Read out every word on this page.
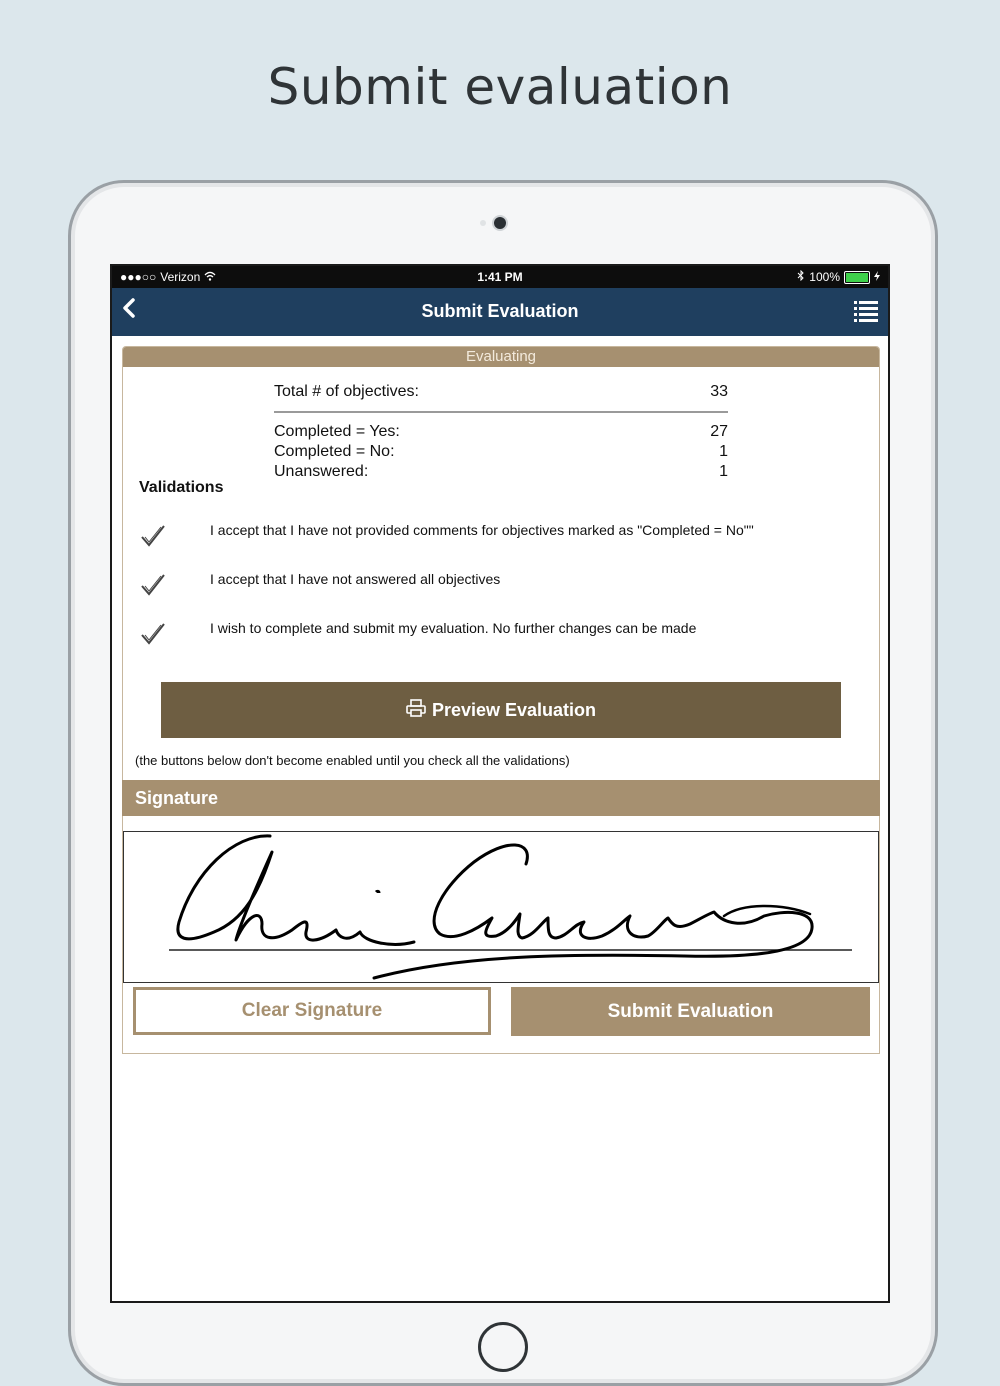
Submit evaluation
●●●○○ Verizon	1:41 PM	100%
Submit Evaluation
Evaluating
Total # of objectives:	33
Completed = Yes:	27
Completed = No:	1
Unanswered:	1
Validations
I accept that I have not provided comments for objectives marked as "Completed = No""
I accept that I have not answered all objectives
I wish to complete and submit my evaluation. No further changes can be made
Preview Evaluation
(the buttons below don't become enabled until you check all the validations)
Signature
Clear Signature	Submit Evaluation
